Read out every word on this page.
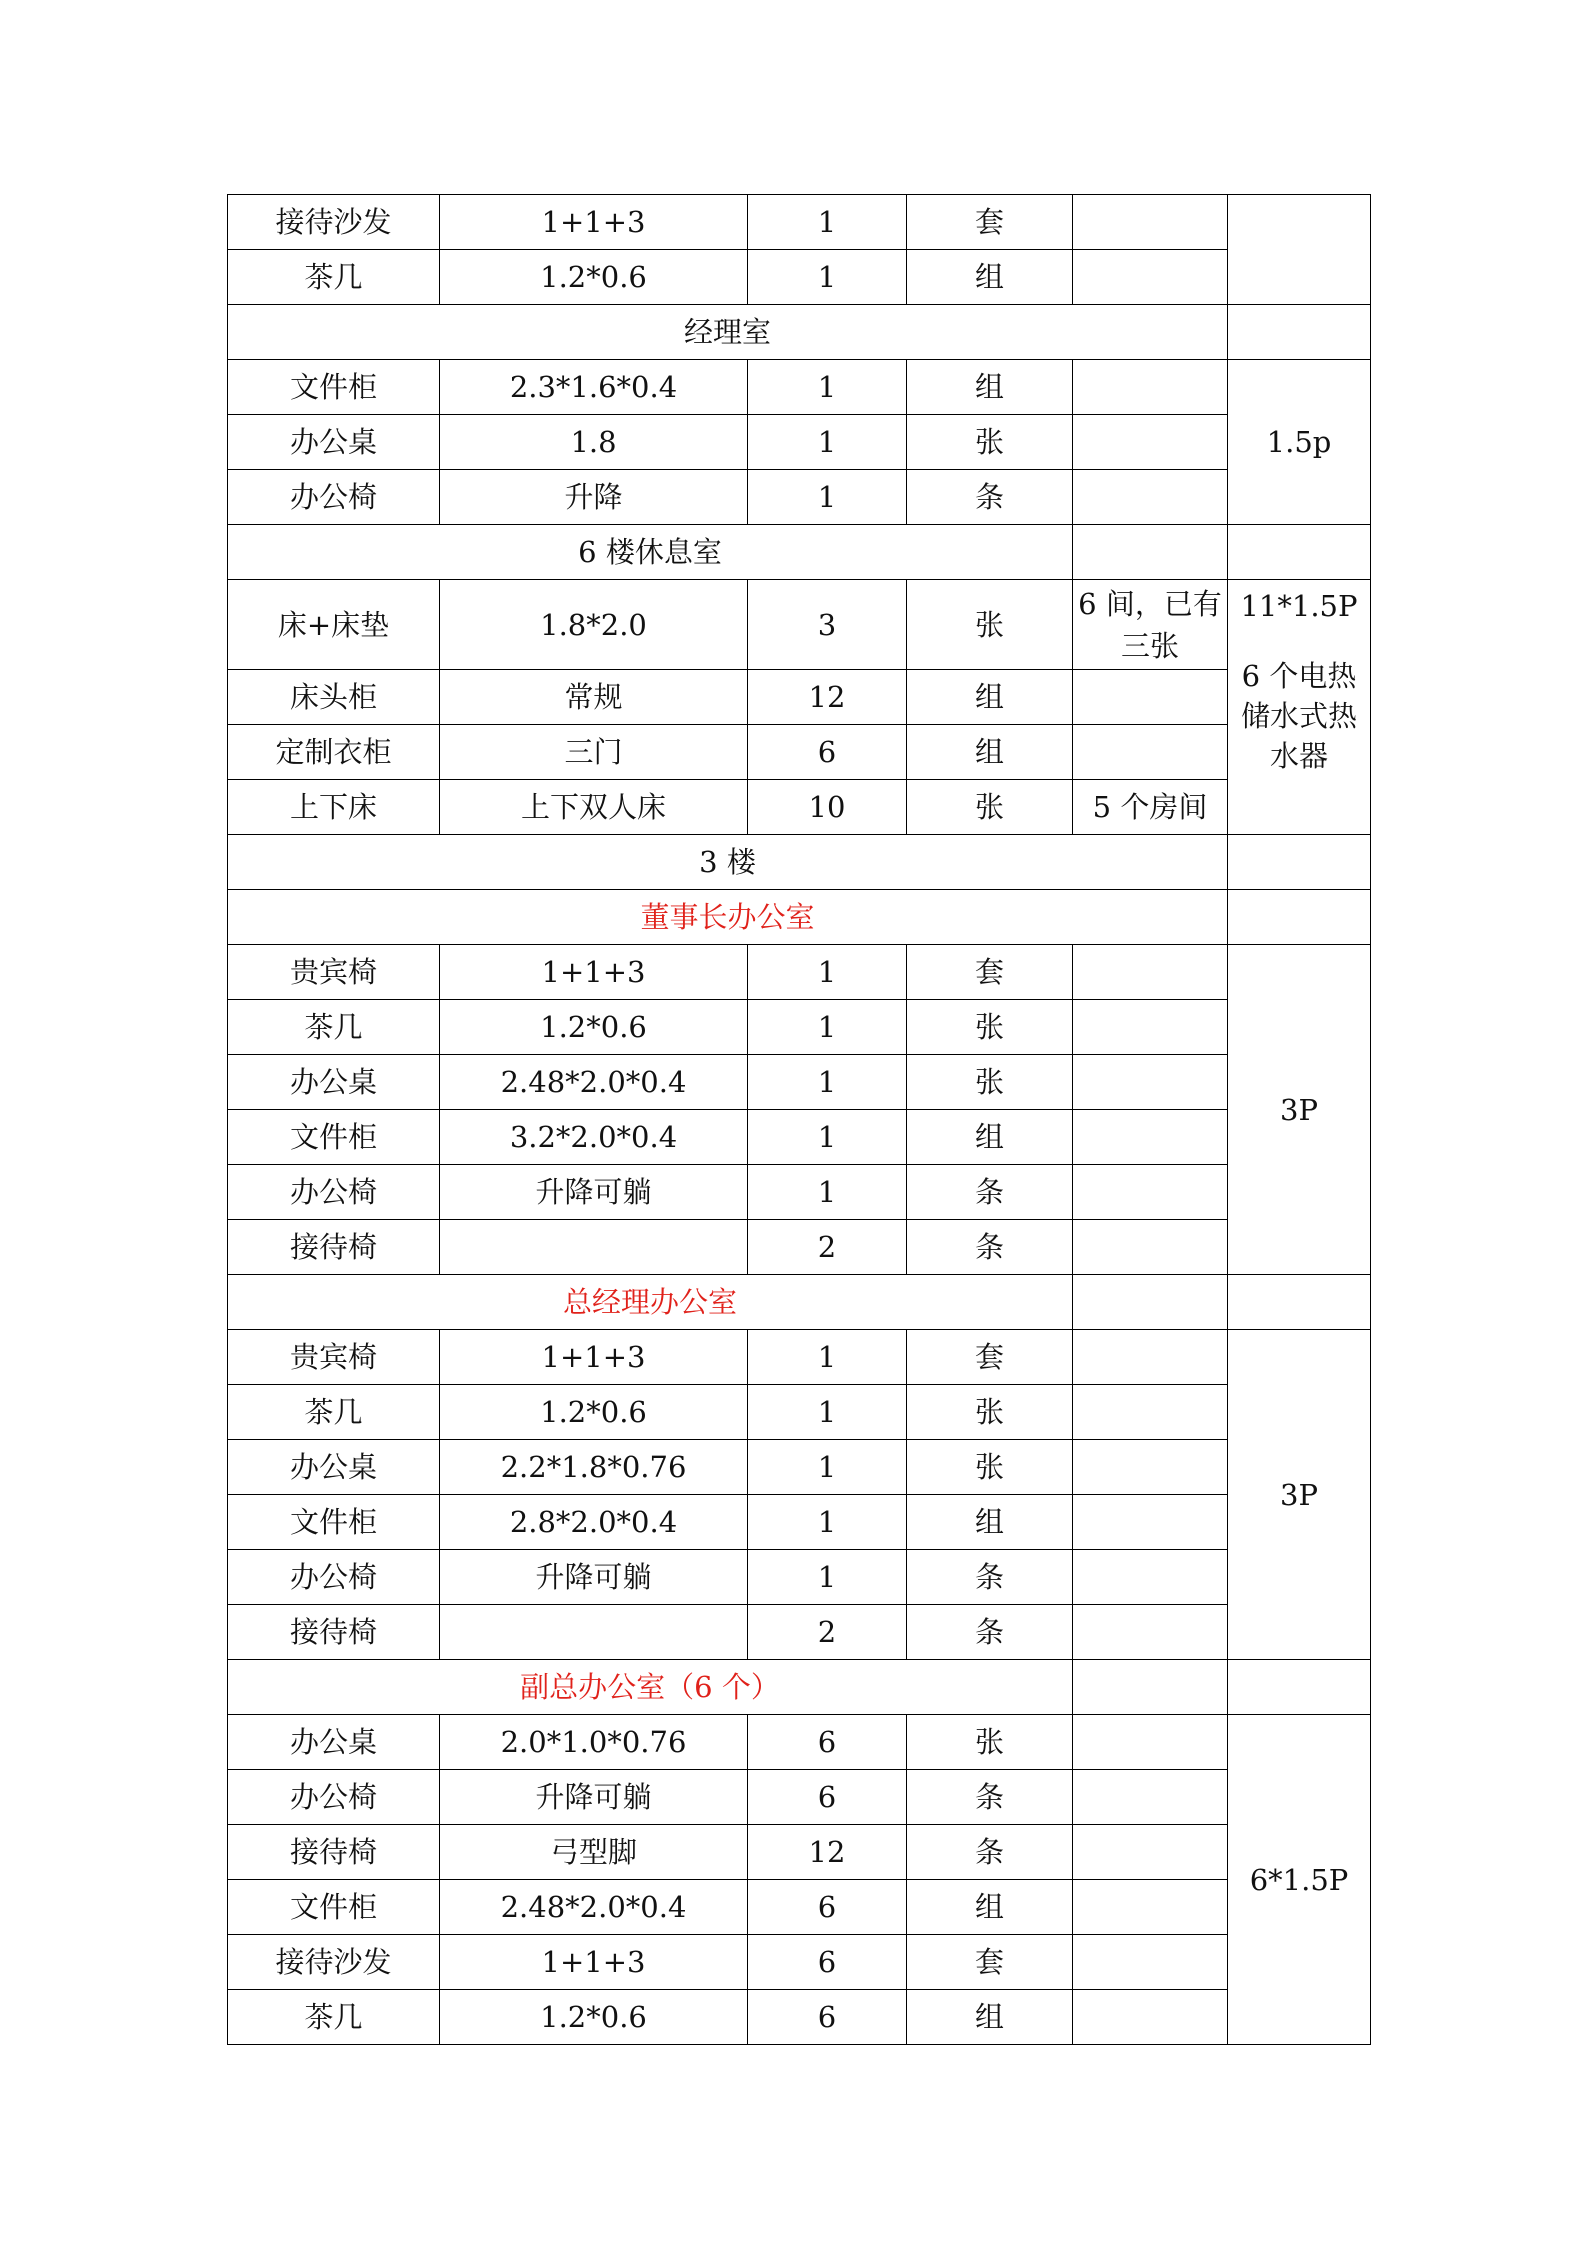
接待沙发	1+1+3	1	套		
茶几	1.2*0.6	1	组		
经理室					
文件柜	2.3*1.6*0.4	1	组		1.5p
办公桌	1.8	1	张		
办公椅	升降	1	条		
6 楼休息室					
床+床垫	1.8*2.0	3	张	6 间，已有三张	11*1.5P
6 个电热储水式热水器

床头柜	常规	12	组		
定制衣柜	三门	6	组		
上下床	上下双人床	10	张	5 个房间	
3 楼					
董事长办公室					
贵宾椅	1+1+3	1	套		3P
茶几	1.2*0.6	1	张		
办公桌	2.48*2.0*0.4	1	张		
文件柜	3.2*2.0*0.4	1	组		
办公椅	升降可躺	1	条		
接待椅		2	条		
总经理办公室					
贵宾椅	1+1+3	1	套		3P
茶几	1.2*0.6	1	张		
办公桌	2.2*1.8*0.76	1	张		
文件柜	2.8*2.0*0.4	1	组		
办公椅	升降可躺	1	条		
接待椅		2	条		
副总办公室（6 个）					
办公桌	2.0*1.0*0.76	6	张		6*1.5P
办公椅	升降可躺	6	条		
接待椅	弓型脚	12	条		
文件柜	2.48*2.0*0.4	6	组		
接待沙发	1+1+3	6	套		
茶几	1.2*0.6	6	组		
